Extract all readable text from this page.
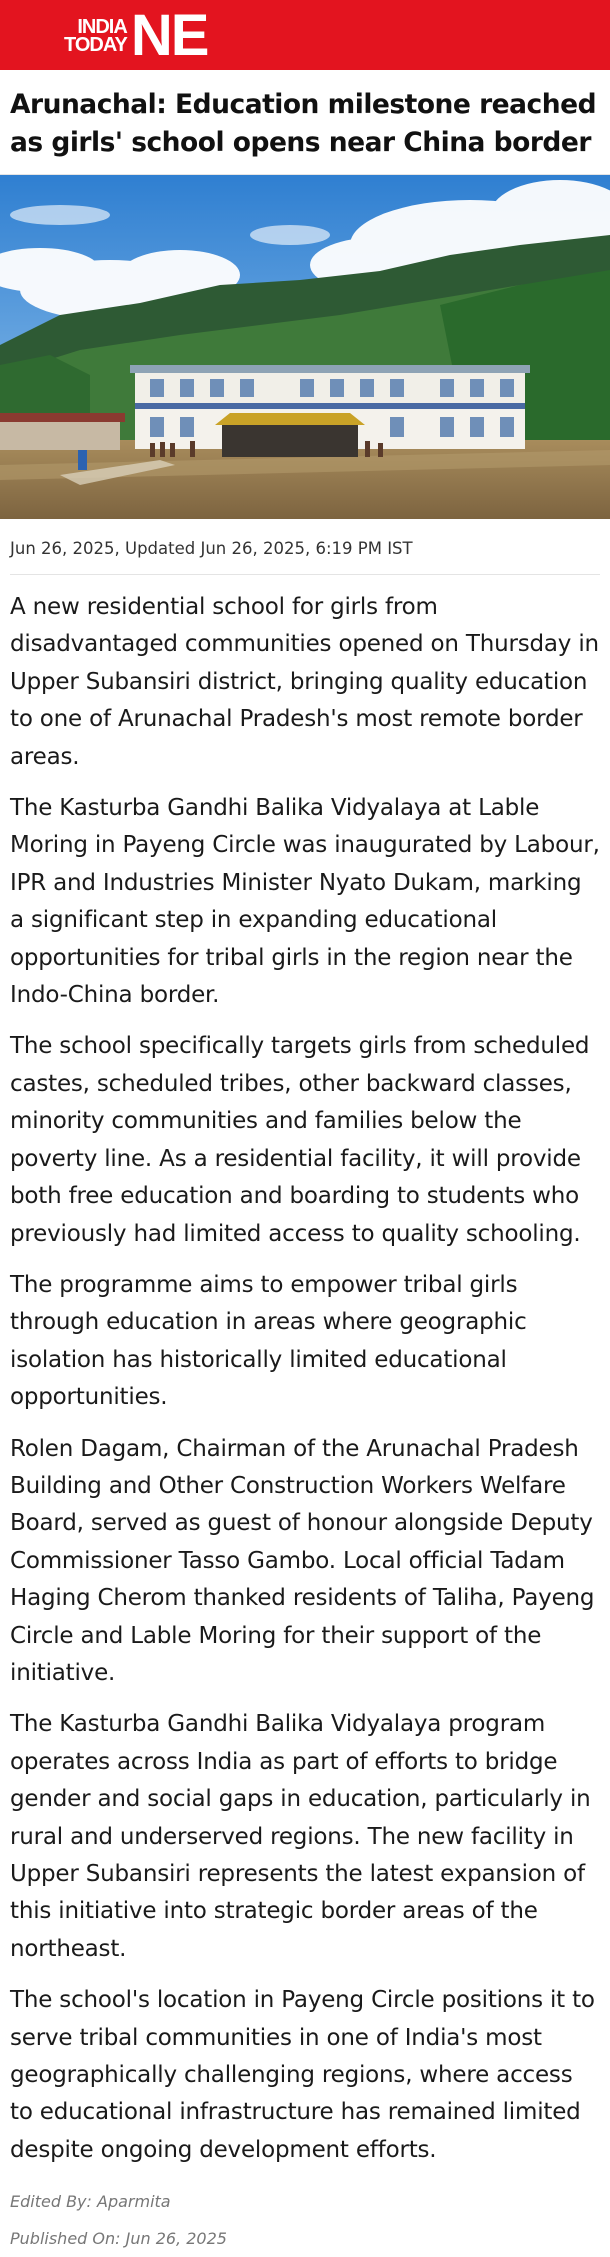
INDIA
TODAY NE
Arunachal: Education milestone reached as girls' school opens near China border
Jun 26, 2025, Updated Jun 26, 2025, 6:19 PM IST

A new residential school for girls from disadvantaged communities opened on Thursday in Upper Subansiri district, bringing quality education to one of Arunachal Pradesh's most remote border areas.

The Kasturba Gandhi Balika Vidyalaya at Lable Moring in Payeng Circle was inaugurated by Labour, IPR and Industries Minister Nyato Dukam, marking a significant step in expanding educational opportunities for tribal girls in the region near the Indo-China border.

The school specifically targets girls from scheduled castes, scheduled tribes, other backward classes, minority communities and families below the poverty line. As a residential facility, it will provide both free education and boarding to students who previously had limited access to quality schooling.

The programme aims to empower tribal girls through education in areas where geographic isolation has historically limited educational opportunities.

Rolen Dagam, Chairman of the Arunachal Pradesh Building and Other Construction Workers Welfare Board, served as guest of honour alongside Deputy Commissioner Tasso Gambo. Local official Tadam Haging Cherom thanked residents of Taliha, Payeng Circle and Lable Moring for their support of the initiative.

The Kasturba Gandhi Balika Vidyalaya program operates across India as part of efforts to bridge gender and social gaps in education, particularly in rural and underserved regions. The new facility in Upper Subansiri represents the latest expansion of this initiative into strategic border areas of the northeast.

The school's location in Payeng Circle positions it to serve tribal communities in one of India's most geographically challenging regions, where access to educational infrastructure has remained limited despite ongoing development efforts.

Edited By: Aparmita
Published On: Jun 26, 2025
